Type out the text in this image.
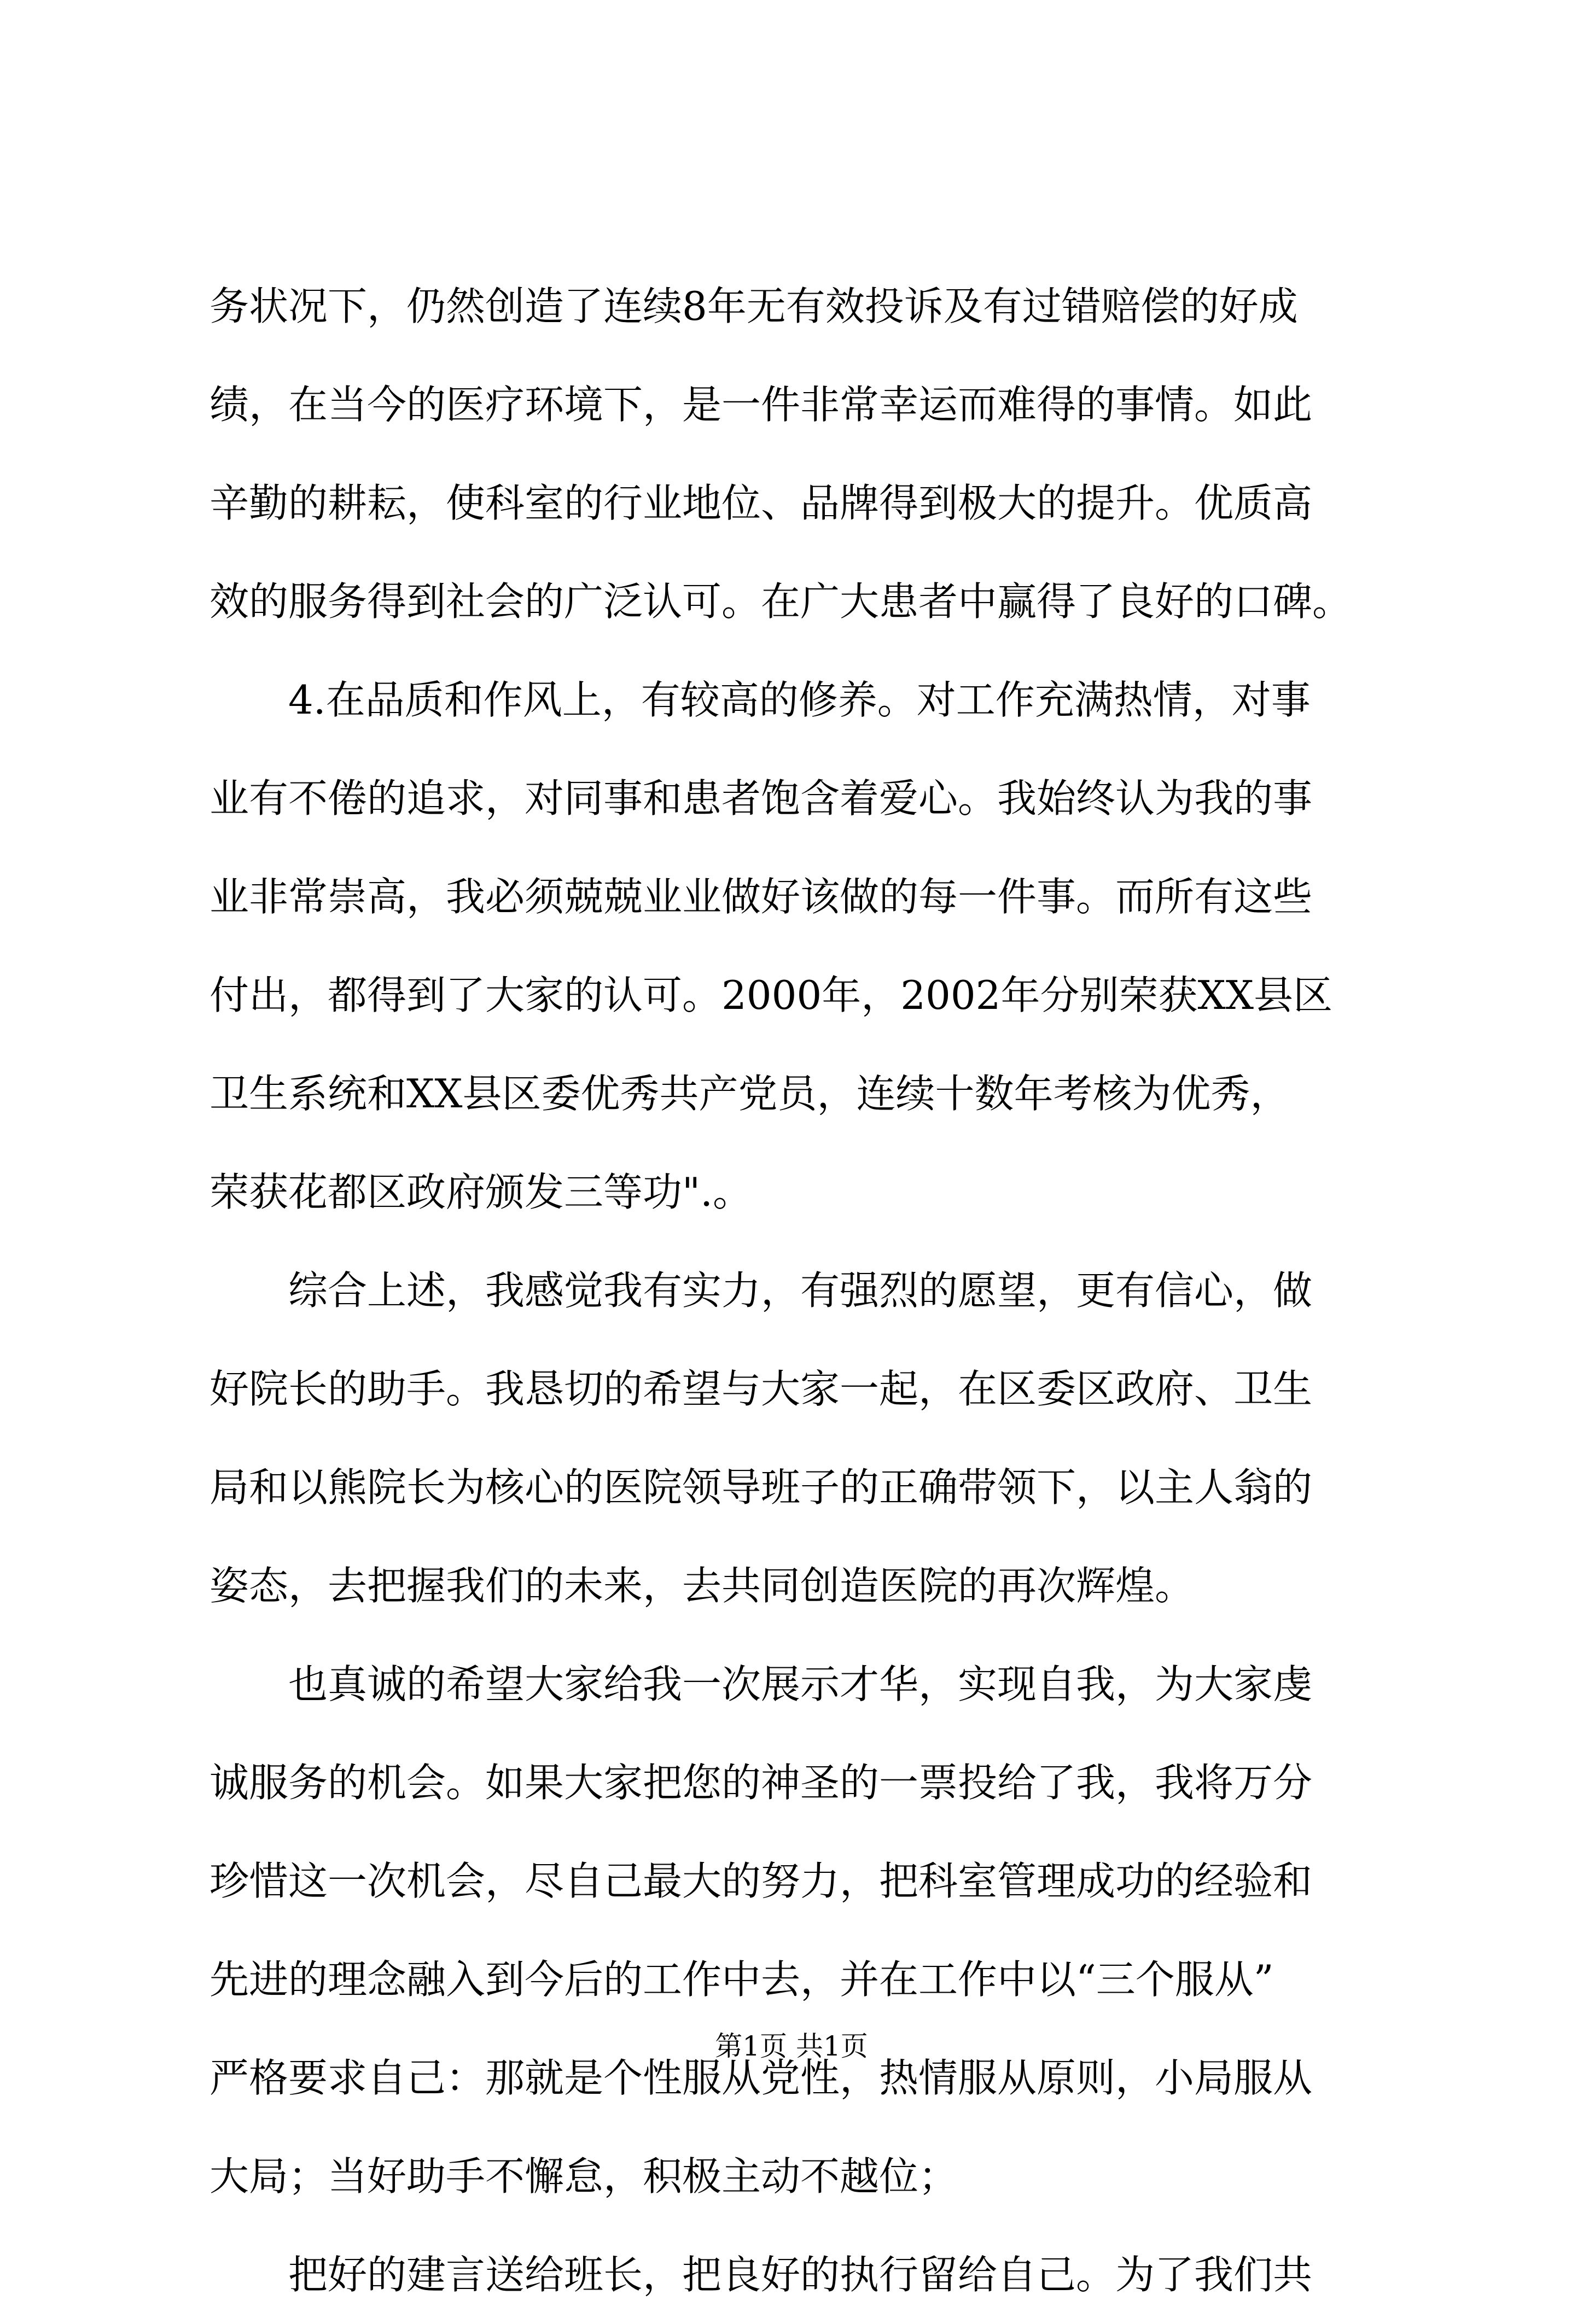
务状况下，仍然创造了连续8年无有效投诉及有过错赔偿的好成
绩，在当今的医疗环境下，是一件非常幸运而难得的事情。如此
辛勤的耕耘，使科室的行业地位、品牌得到极大的提升。优质高
效的服务得到社会的广泛认可。在广大患者中赢得了良好的口碑。
　　4.在品质和作风上，有较高的修养。对工作充满热情，对事
业有不倦的追求，对同事和患者饱含着爱心。我始终认为我的事
业非常崇高，我必须兢兢业业做好该做的每一件事。而所有这些
付出，都得到了大家的认可。2000年，2002年分别荣获XX县区
卫生系统和XX县区委优秀共产党员，连续十数年考核为优秀，
荣获花都区政府颁发三等功".。
　　综合上述，我感觉我有实力，有强烈的愿望，更有信心，做
好院长的助手。我恳切的希望与大家一起，在区委区政府、卫生
局和以熊院长为核心的医院领导班子的正确带领下，以主人翁的
姿态，去把握我们的未来，去共同创造医院的再次辉煌。
　　也真诚的希望大家给我一次展示才华，实现自我，为大家虔
诚服务的机会。如果大家把您的神圣的一票投给了我，我将万分
珍惜这一次机会，尽自己最大的努力，把科室管理成功的经验和
先进的理念融入到今后的工作中去，并在工作中以“三个服从”
严格要求自己：那就是个性服从党性，热情服从原则，小局服从
大局；当好助手不懈怠，积极主动不越位；
　　把好的建言送给班长，把良好的执行留给自己。为了我们共
第1页 共1页
